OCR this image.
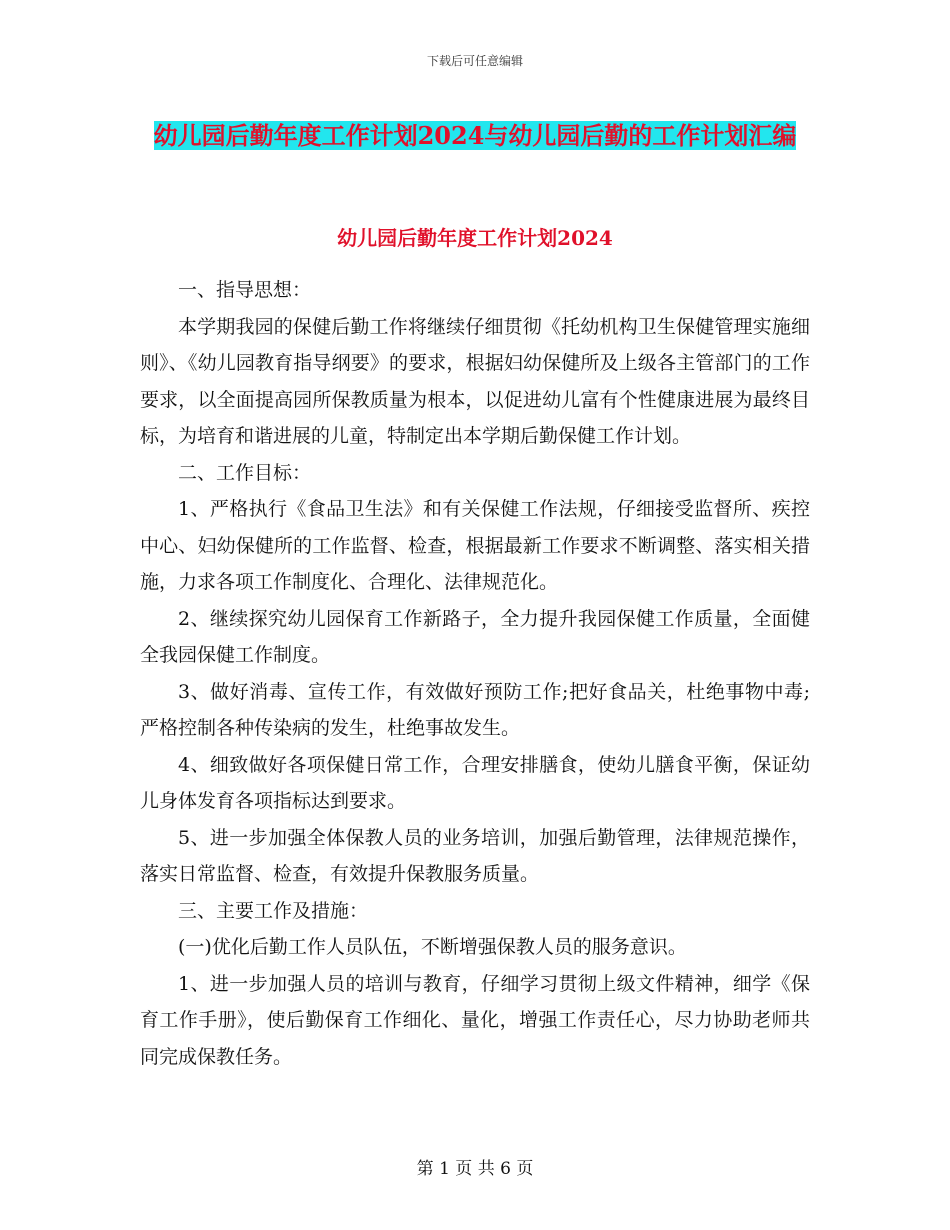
下载后可任意编辑
幼儿园后勤年度工作计划2024与幼儿园后勤的工作计划汇编
幼儿园后勤年度工作计划2024

一、指导思想：

本学期我园的保健后勤工作将继续仔细贯彻《托幼机构卫生保健管理实施细则》、《幼儿园教育指导纲要》的要求，根据妇幼保健所及上级各主管部门的工作要求，以全面提高园所保教质量为根本，以促进幼儿富有个性健康进展为最终目标，为培育和谐进展的儿童，特制定出本学期后勤保健工作计划。

二、工作目标：

1、严格执行《食品卫生法》和有关保健工作法规，仔细接受监督所、疾控中心、妇幼保健所的工作监督、检查，根据最新工作要求不断调整、落实相关措施，力求各项工作制度化、合理化、法律规范化。

2、继续探究幼儿园保育工作新路子，全力提升我园保健工作质量，全面健全我园保健工作制度。

3、做好消毒、宣传工作，有效做好预防工作;把好食品关，杜绝事物中毒;严格控制各种传染病的发生，杜绝事故发生。

4、细致做好各项保健日常工作，合理安排膳食，使幼儿膳食平衡，保证幼儿身体发育各项指标达到要求。

5、进一步加强全体保教人员的业务培训，加强后勤管理，法律规范操作，落实日常监督、检查，有效提升保教服务质量。

三、主要工作及措施：

(一)优化后勤工作人员队伍，不断增强保教人员的服务意识。

1、进一步加强人员的培训与教育，仔细学习贯彻上级文件精神，细学《保育工作手册》，使后勤保育工作细化、量化，增强工作责任心，尽力协助老师共同完成保教任务。

第 1 页 共 6 页
